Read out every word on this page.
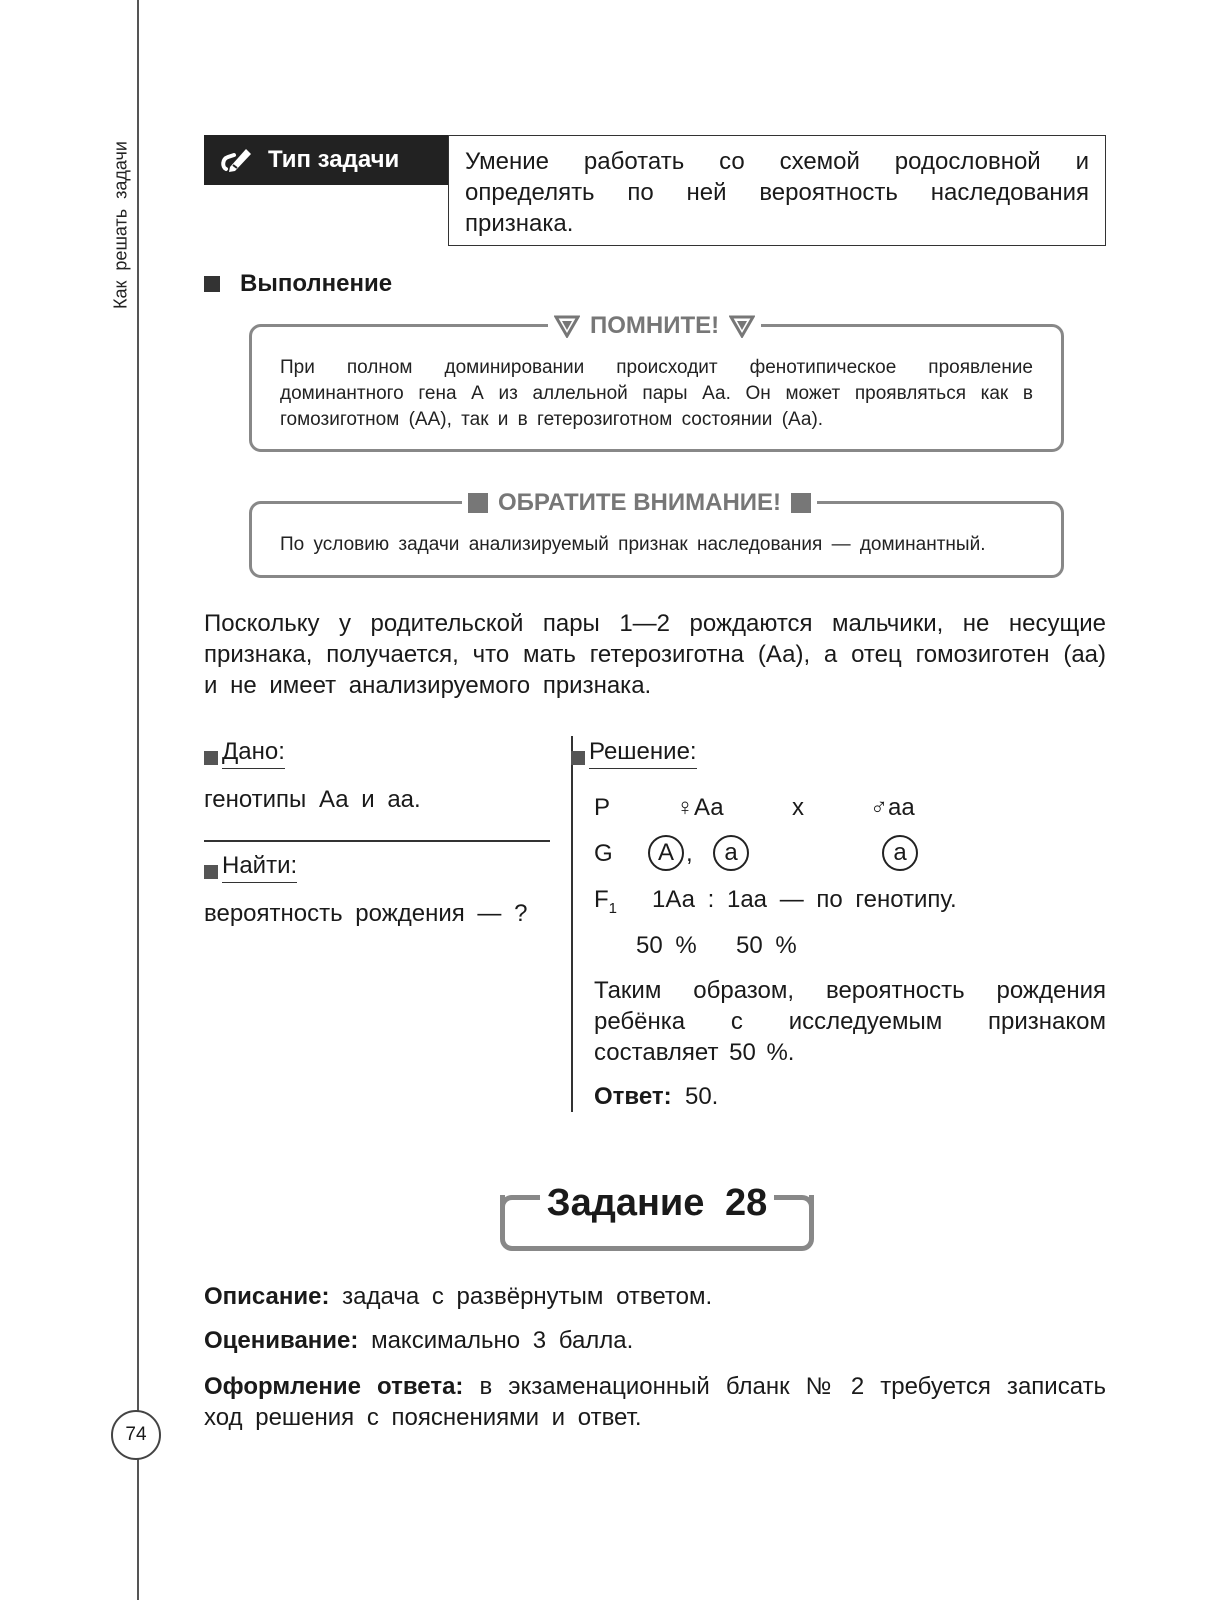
Как решать задачи
74
Тип задачи	Умение работать со схемой родословной и определять по ней вероятность наследования признака.
Выполнение
При полном доминировании происходит фенотипическое проявление доминантного гена А из аллельной пары Аа. Он может проявляться как в гомозиготном (АА), так и в гетерозиготном состоянии (Аа).
ПОМНИТЕ!
По условию задачи анализируемый признак наследования — доминантный.
ОБРАТИТЕ ВНИМАНИЕ!
Поскольку у родительской пары 1—2 рождаются мальчики, не несущие признака, получается, что мать гетерозиготна (Аа), а отец гомозиготен (аа) и не имеет анализируемого признака.
Дано:
генотипы Аа и аа.
Найти:
вероятность рождения — ?
Решение:
P	♀Аа	x	♂аа
G	А ,	а	а
$F_1$ 1Аа : 1аа — по генотипу.
50 % 50 %
Таким образом, вероятность рождения ребёнка с исследуемым признаком составляет 50 %.
Ответ: 50.
Задание 28
Описание: задача с развёрнутым ответом.
Оценивание: максимально 3 балла.
Оформление ответа: в экзаменационный бланк № 2 требуется записать ход решения с пояснениями и ответ.
